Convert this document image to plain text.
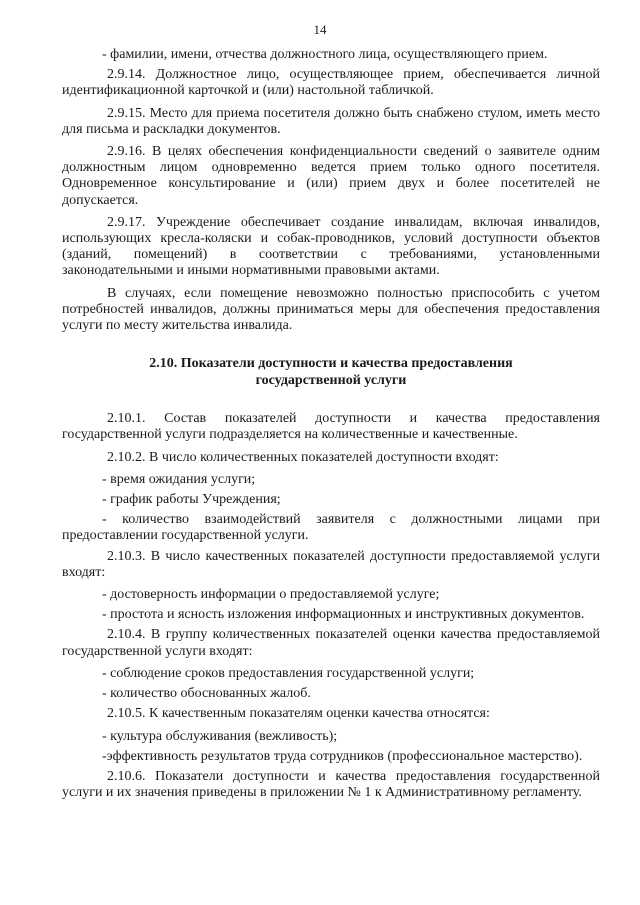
14

- фамилии, имени, отчества должностного лица, осуществляющего прием.

2.9.14. Должностное лицо, осуществляющее прием, обеспечивается личной идентификационной карточкой и (или) настольной табличкой.

2.9.15. Место для приема посетителя должно быть снабжено стулом, иметь место для письма и раскладки документов.

2.9.16. В целях обеспечения конфиденциальности сведений о заявителе одним должностным лицом одновременно ведется прием только одного посетителя. Одновременное консультирование и (или) прием двух и более посетителей не допускается.

2.9.17. Учреждение обеспечивает создание инвалидам, включая инвалидов, использующих кресла-коляски и собак-проводников, условий доступности объектов (зданий, помещений) в соответствии с требованиями, установленными законодательными и иными нормативными правовыми актами.

В случаях, если помещение невозможно полностью приспособить с учетом потребностей инвалидов, должны приниматься меры для обеспечения предоставления услуги по месту жительства инвалида.

2.10. Показатели доступности и качества предоставления
государственной услуги

2.10.1. Состав показателей доступности и качества предоставления государственной услуги подразделяется на количественные и качественные.

2.10.2. В число количественных показателей доступности входят:

- время ожидания услуги;

- график работы Учреждения;

- количество взаимодействий заявителя с должностными лицами при предоставлении государственной услуги.

2.10.3. В число качественных показателей доступности предоставляемой услуги входят:

- достоверность информации о предоставляемой услуге;

- простота и ясность изложения информационных и инструктивных документов.

2.10.4. В группу количественных показателей оценки качества предоставляемой государственной услуги входят:

- соблюдение сроков предоставления государственной услуги;

- количество обоснованных жалоб.

2.10.5. К качественным показателям оценки качества относятся:

- культура обслуживания (вежливость);

-эффективность результатов труда сотрудников (профессиональное мастерство).

2.10.6. Показатели доступности и качества предоставления государственной услуги и их значения приведены в приложении № 1 к Административному регламенту.
